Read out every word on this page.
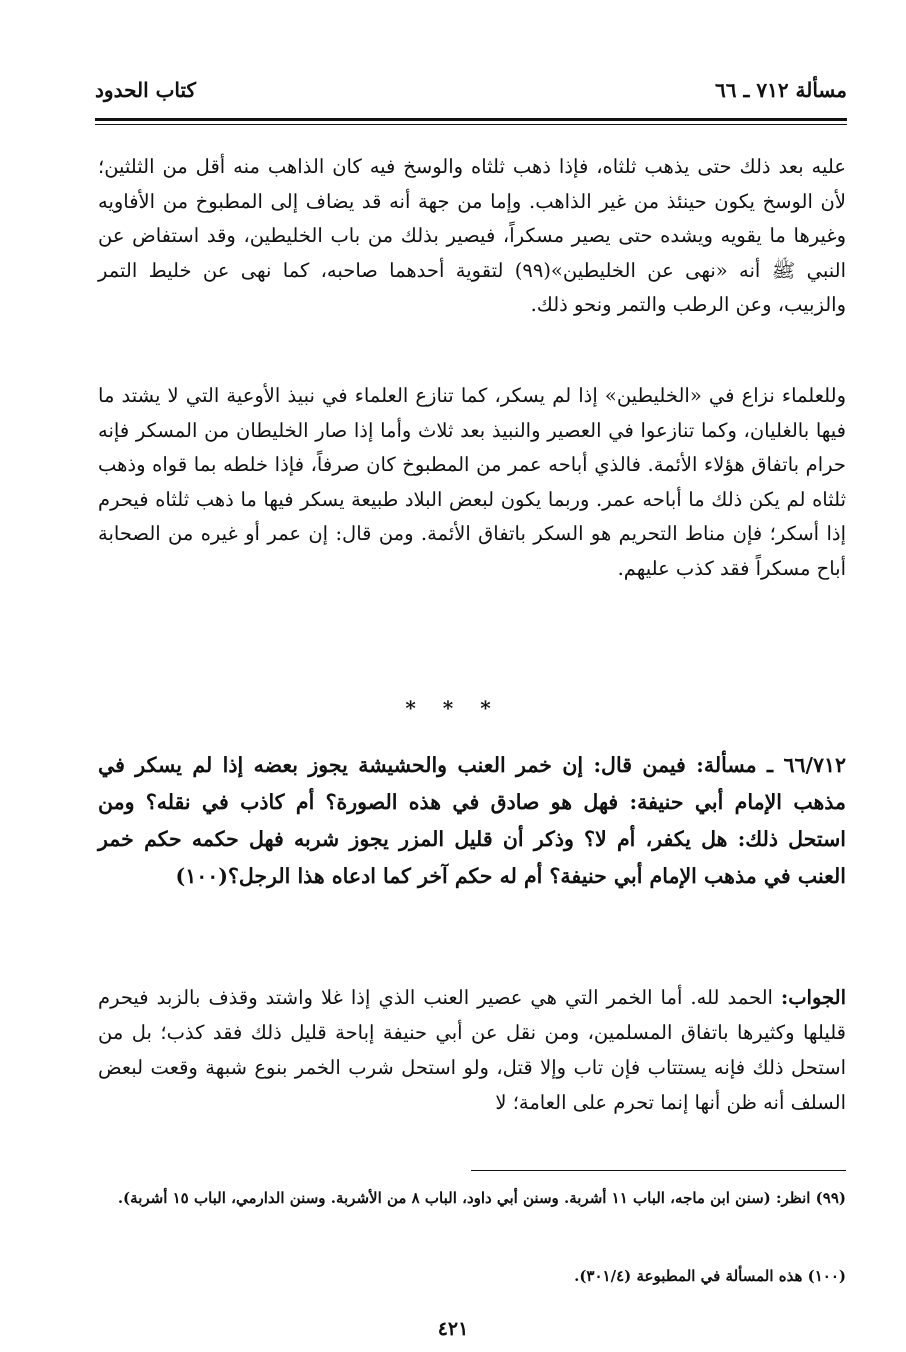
مسألة ٧١٢ ـ ٦٦
كتاب الحدود
عليه بعد ذلك حتى يذهب ثلثاه، فإذا ذهب ثلثاه والوسخ فيه كان الذاهب منه أقل من الثلثين؛ لأن الوسخ يكون حينئذ من غير الذاهب. وإما من جهة أنه قد يضاف إلى المطبوخ من الأفاويه وغيرها ما يقويه ويشده حتى يصير مسكراً، فيصير بذلك من باب الخليطين، وقد استفاض عن النبي ﷺ أنه «نهى عن الخليطين»(٩٩) لتقوية أحدهما صاحبه، كما نهى عن خليط التمر والزبيب، وعن الرطب والتمر ونحو ذلك.
وللعلماء نزاع في «الخليطين» إذا لم يسكر، كما تنازع العلماء في نبيذ الأوعية التي لا يشتد ما فيها بالغليان، وكما تنازعوا في العصير والنبيذ بعد ثلاث وأما إذا صار الخليطان من المسكر فإنه حرام باتفاق هؤلاء الأئمة. فالذي أباحه عمر من المطبوخ كان صرفاً، فإذا خلطه بما قواه وذهب ثلثاه لم يكن ذلك ما أباحه عمر. وربما يكون لبعض البلاد طبيعة يسكر فيها ما ذهب ثلثاه فيحرم إذا أسكر؛ فإن مناط التحريم هو السكر باتفاق الأئمة. ومن قال: إن عمر أو غيره من الصحابة أباح مسكراً فقد كذب عليهم.
* * *
٦٦/٧١٢ ـ مسألة: فيمن قال: إن خمر العنب والحشيشة يجوز بعضه إذا لم يسكر في مذهب الإمام أبي حنيفة: فهل هو صادق في هذه الصورة؟ أم كاذب في نقله؟ ومن استحل ذلك: هل يكفر، أم لا؟ وذكر أن قليل المزر يجوز شربه فهل حكمه حكم خمر العنب في مذهب الإمام أبي حنيفة؟ أم له حكم آخر كما ادعاه هذا الرجل؟(١٠٠)
الجواب: الحمد لله. أما الخمر التي هي عصير العنب الذي إذا غلا واشتد وقذف بالزبد فيحرم قليلها وكثيرها باتفاق المسلمين، ومن نقل عن أبي حنيفة إباحة قليل ذلك فقد كذب؛ بل من استحل ذلك فإنه يستتاب فإن تاب وإلا قتل، ولو استحل شرب الخمر بنوع شبهة وقعت لبعض السلف أنه ظن أنها إنما تحرم على العامة؛ لا
(٩٩) انظر: (سنن ابن ماجه، الباب ١١ أشربة. وسنن أبي داود، الباب ٨ من الأشربة. وسنن الدارمي، الباب ١٥ أشربة).
(١٠٠) هذه المسألة في المطبوعة (٣٠١/٤).
٤٢١
